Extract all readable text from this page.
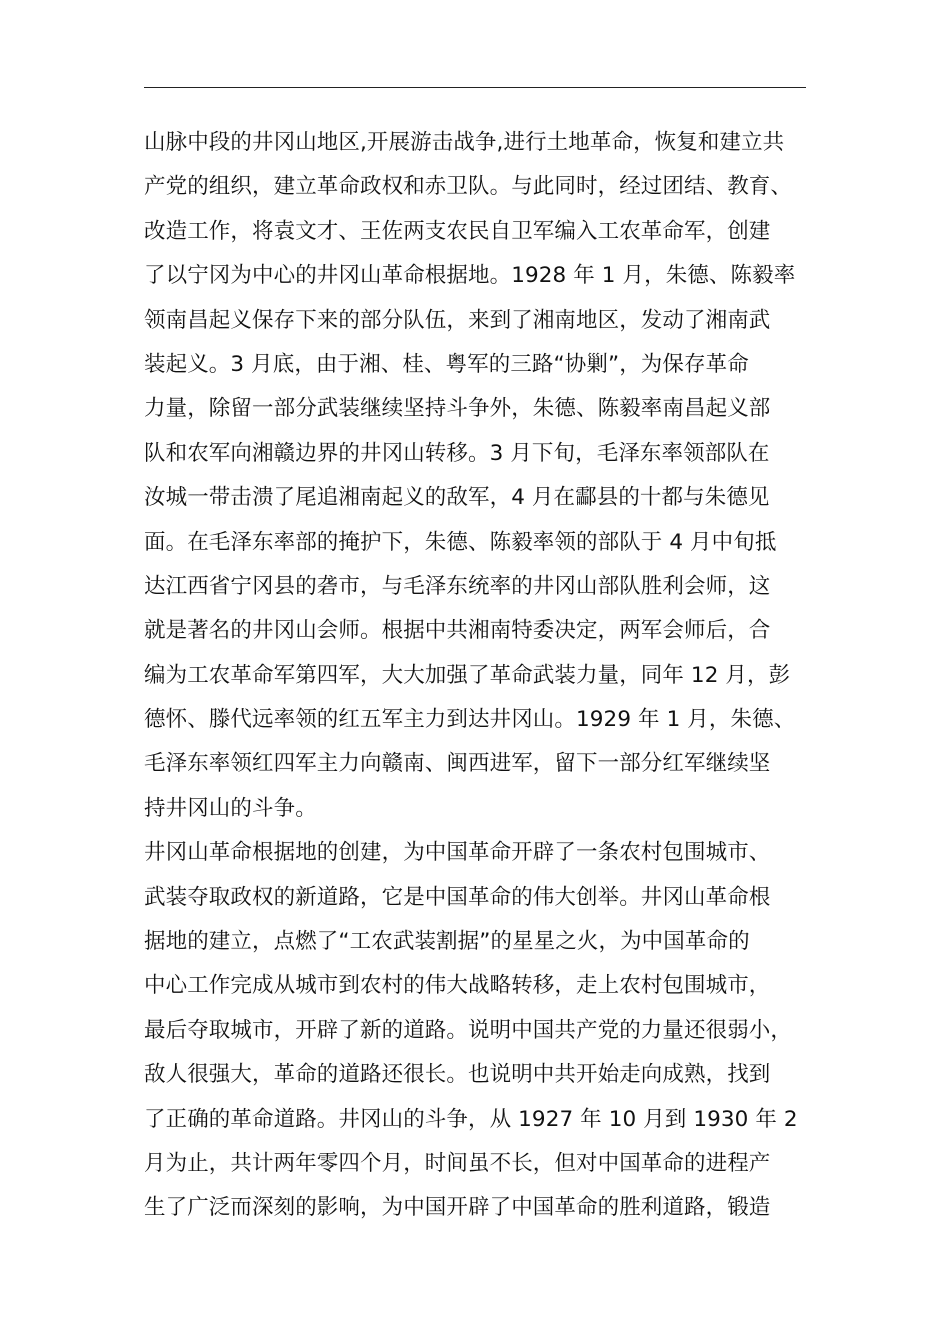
山脉中段的井冈山地区,开展游击战争,进行土地革命，恢复和建立共
产党的组织，建立革命政权和赤卫队。与此同时，经过团结、教育、
改造工作，将袁文才、王佐两支农民自卫军编入工农革命军，创建
了以宁冈为中心的井冈山革命根据地。1928 年 1 月，朱德、陈毅率
领南昌起义保存下来的部分队伍，来到了湘南地区，发动了湘南武
装起义。3 月底，由于湘、桂、粤军的三路“协剿”，为保存革命
力量，除留一部分武装继续坚持斗争外，朱德、陈毅率南昌起义部
队和农军向湘赣边界的井冈山转移。3 月下旬，毛泽东率领部队在
汝城一带击溃了尾追湘南起义的敌军，4 月在酃县的十都与朱德见
面。在毛泽东率部的掩护下，朱德、陈毅率领的部队于 4 月中旬抵
达江西省宁冈县的砻市，与毛泽东统率的井冈山部队胜利会师，这
就是著名的井冈山会师。根据中共湘南特委决定，两军会师后，合
编为工农革命军第四军，大大加强了革命武装力量，同年 12 月，彭
德怀、滕代远率领的红五军主力到达井冈山。1929 年 1 月，朱德、
毛泽东率领红四军主力向赣南、闽西进军，留下一部分红军继续坚
持井冈山的斗争。
井冈山革命根据地的创建，为中国革命开辟了一条农村包围城市、
武装夺取政权的新道路，它是中国革命的伟大创举。井冈山革命根
据地的建立，点燃了“工农武装割据”的星星之火，为中国革命的
中心工作完成从城市到农村的伟大战略转移，走上农村包围城市，
最后夺取城市，开辟了新的道路。说明中国共产党的力量还很弱小，
敌人很强大，革命的道路还很长。也说明中共开始走向成熟，找到
了正确的革命道路。井冈山的斗争，从 1927 年 10 月到 1930 年 2
月为止，共计两年零四个月，时间虽不长，但对中国革命的进程产
生了广泛而深刻的影响，为中国开辟了中国革命的胜利道路，锻造
